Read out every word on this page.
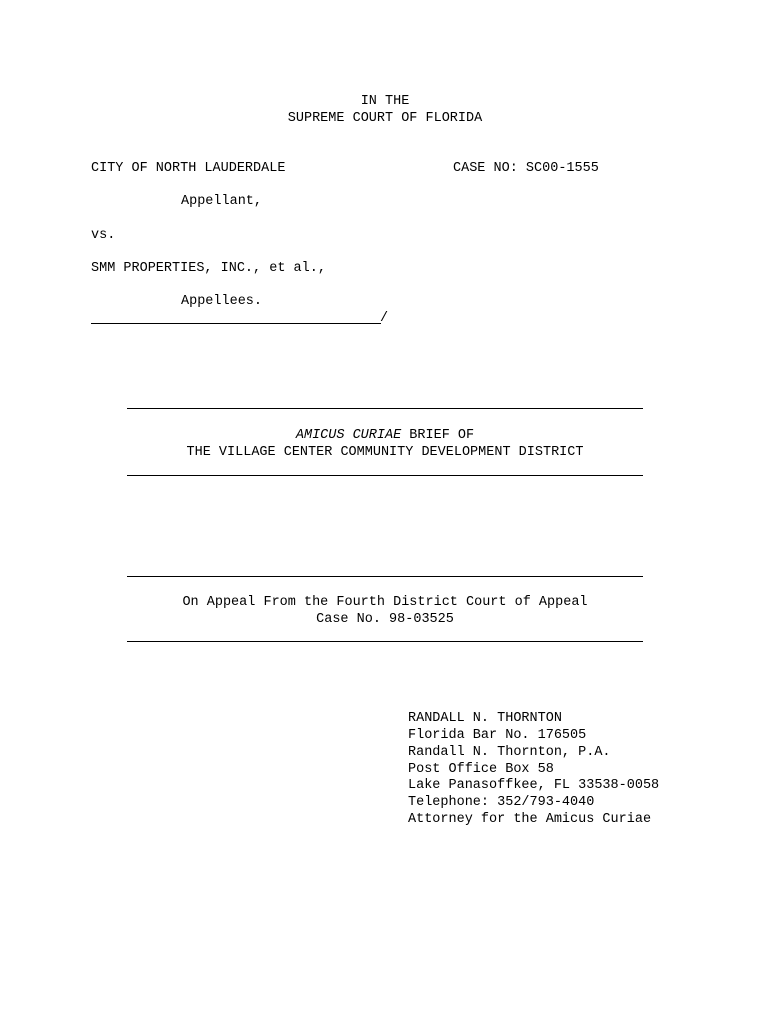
IN THE
SUPREME COURT OF FLORIDA
CITY OF NORTH LAUDERDALE	CASE NO: SC00-1555
Appellant,
vs.
SMM PROPERTIES, INC., et al.,
Appellees.
/
AMICUS CURIAE BRIEF OF
THE VILLAGE CENTER COMMUNITY DEVELOPMENT DISTRICT
On Appeal From the Fourth District Court of Appeal
Case No. 98-03525
RANDALL N. THORNTON
Florida Bar No. 176505
Randall N. Thornton, P.A.
Post Office Box 58
Lake Panasoffkee, FL 33538-0058
Telephone: 352/793-4040
Attorney for the Amicus Curiae
